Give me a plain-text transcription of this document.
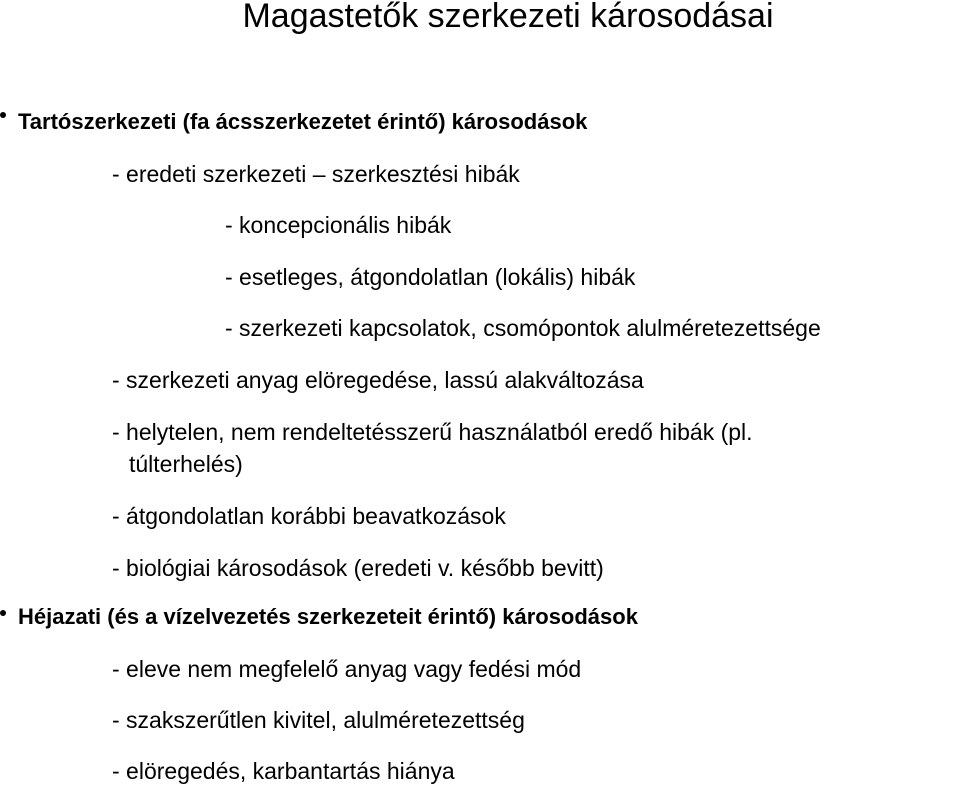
Magastetők szerkezeti károsodásai
Tartószerkezeti (fa ácsszerkezetet érintő) károsodások
- eredeti szerkezeti – szerkesztési hibák
- koncepcionális hibák
- esetleges, átgondolatlan (lokális) hibák
- szerkezeti kapcsolatok, csomópontok alulméretezettsége
- szerkezeti anyag elöregedése, lassú alakváltozása
- helytelen, nem rendeltetésszerű használatból eredő hibák (pl.
túlterhelés)
- átgondolatlan korábbi beavatkozások
- biológiai károsodások (eredeti v. később bevitt)
Héjazati (és a vízelvezetés szerkezeteit érintő) károsodások
- eleve nem megfelelő anyag vagy fedési mód
- szakszerűtlen kivitel, alulméretezettség
- elöregedés, karbantartás hiánya
